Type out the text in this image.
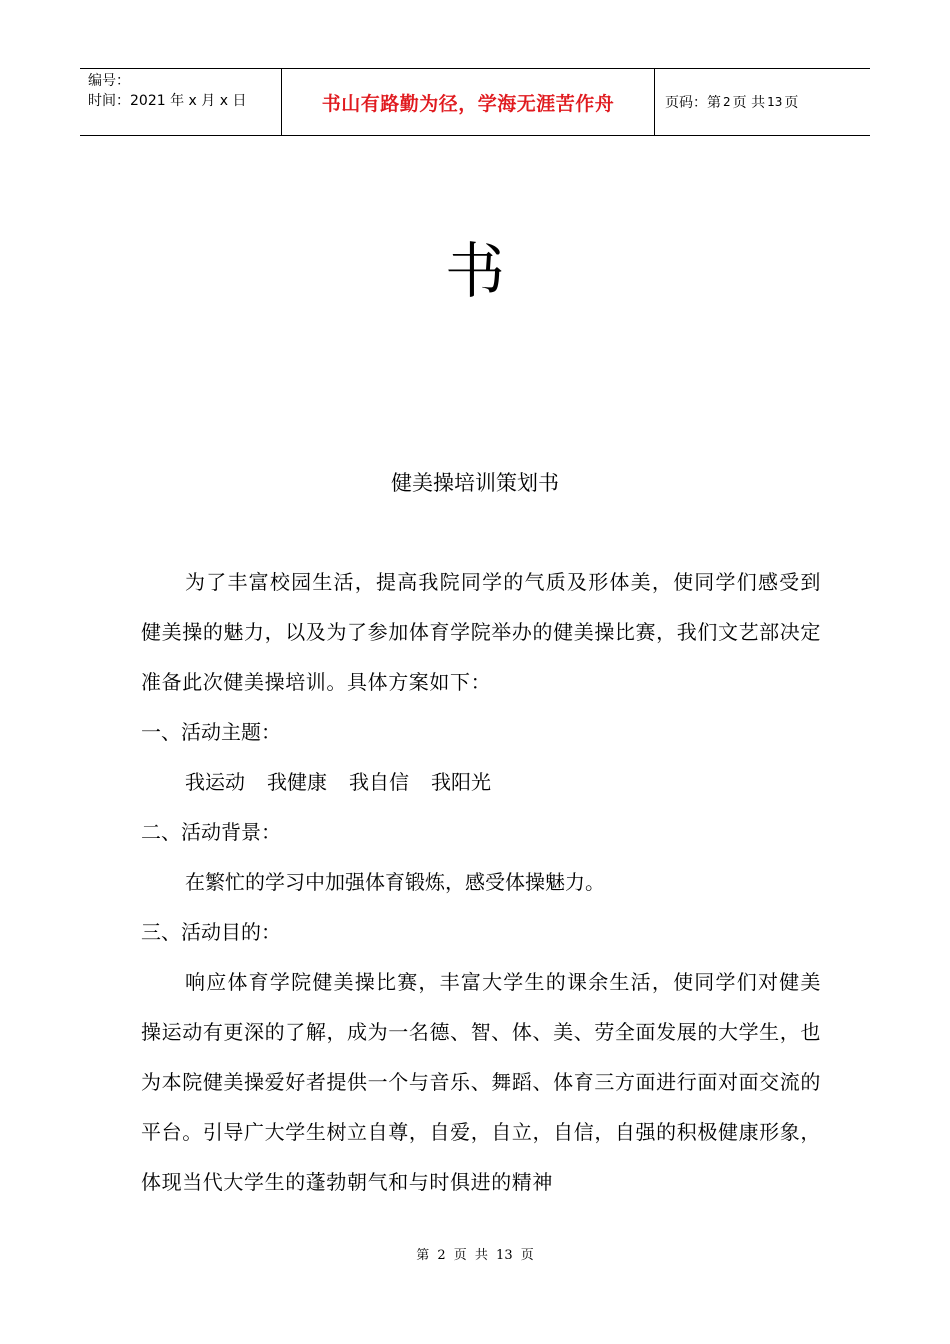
编号：
时间：2021 年 x 月 x 日	书山有路勤为径，学海无涯苦作舟	页码：第 2 页 共 13 页
书
健美操培训策划书

为了丰富校园生活，提高我院同学的气质及形体美，使同学们感受到健美操的魅力，以及为了参加体育学院举办的健美操比赛，我们文艺部决定准备此次健美操培训。具体方案如下：

一、活动主题：

我运动 我健康 我自信 我阳光

二、活动背景：

在繁忙的学习中加强体育锻炼，感受体操魅力。

三、活动目的：

响应体育学院健美操比赛，丰富大学生的课余生活，使同学们对健美操运动有更深的了解，成为一名德、智、体、美、劳全面发展的大学生，也为本院健美操爱好者提供一个与音乐、舞蹈、体育三方面进行面对面交流的平台。引导广大学生树立自尊，自爱，自立，自信，自强的积极健康形象，体现当代大学生的蓬勃朝气和与时俱进的精神

第 2 页 共 13 页
